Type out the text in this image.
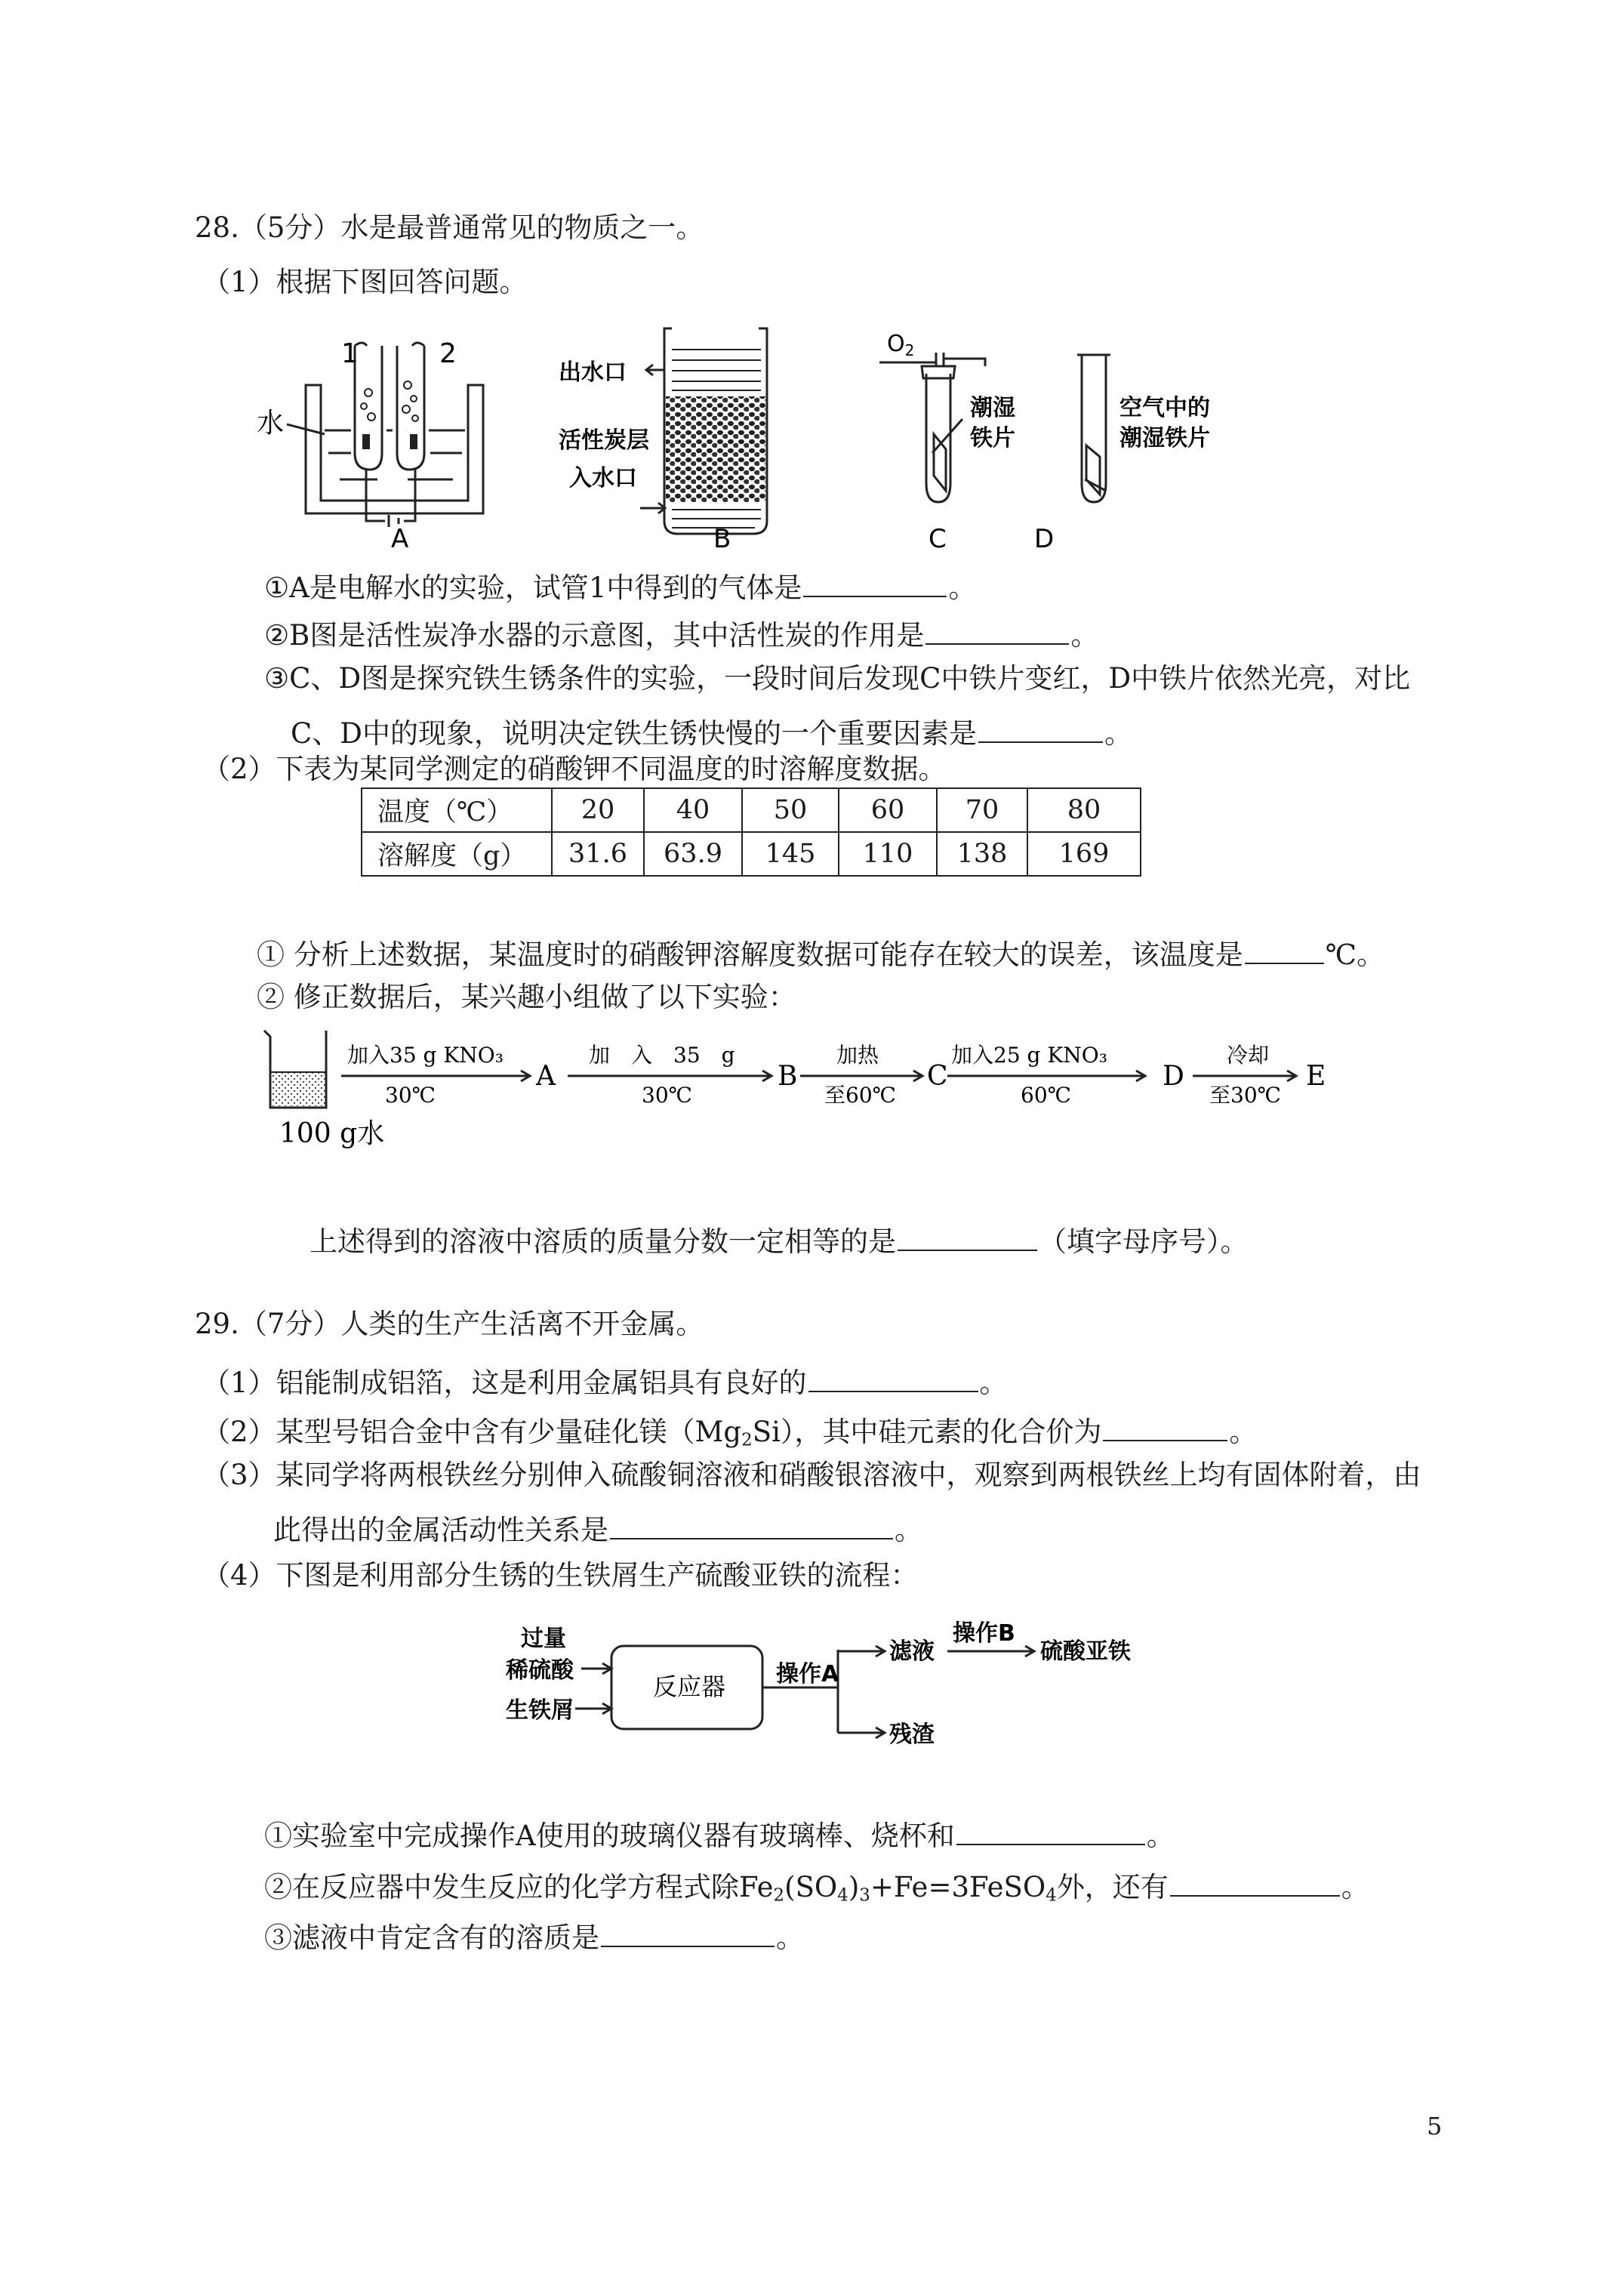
28.（5分）水是最普通常见的物质之一。
（1）根据下图回答问题。
1	2
水
A
出水口
活性炭层
入水口
B
$O_2$
潮湿
铁片
空气中的
潮湿铁片
C	D
①A是电解水的实验，试管1中得到的气体是	。
②B图是活性炭净水器的示意图，其中活性炭的作用是	。
③C、D图是探究铁生锈条件的实验，一段时间后发现C中铁片变红，D中铁片依然光亮，对比
C、D中的现象，说明决定铁生锈快慢的一个重要因素是	。
（2）下表为某同学测定的硝酸钾不同温度的时溶解度数据。
温度（℃）	20	40	50	60	70	80
溶解度（g）	31.6	63.9	145	110	138	169
① 分析上述数据，某温度时的硝酸钾溶解度数据可能存在较大的误差，该温度是	℃。
② 修正数据后，某兴趣小组做了以下实验：
100 g水
加入35 g KNO₃
30℃
A
加　入　35　g
30℃
B
加热
至60℃
C
加入25 g KNO₃
60℃
D
冷却
至30℃
E
上述得到的溶液中溶质的质量分数一定相等的是	（填字母序号）。
29.（7分）人类的生产生活离不开金属。
（1）铝能制成铝箔，这是利用金属铝具有良好的	。
（2）某型号铝合金中含有少量硅化镁$(Mg_2Si)$，其中硅元素的化合价为	。
（3）某同学将两根铁丝分别伸入硫酸铜溶液和硝酸银溶液中，观察到两根铁丝上均有固体附着，由
此得出的金属活动性关系是	。
（4）下图是利用部分生锈的生铁屑生产硫酸亚铁的流程：
过量
稀硫酸
生铁屑
反应器 操作A
滤液
操作B
硫酸亚铁
残渣
①实验室中完成操作A使用的玻璃仪器有玻璃棒、烧杯和	。
②在反应器中发生反应的化学方程式除$Fe_2(SO_4)_3+Fe=3FeSO_4$外，还有	。
③滤液中肯定含有的溶质是	。
5
